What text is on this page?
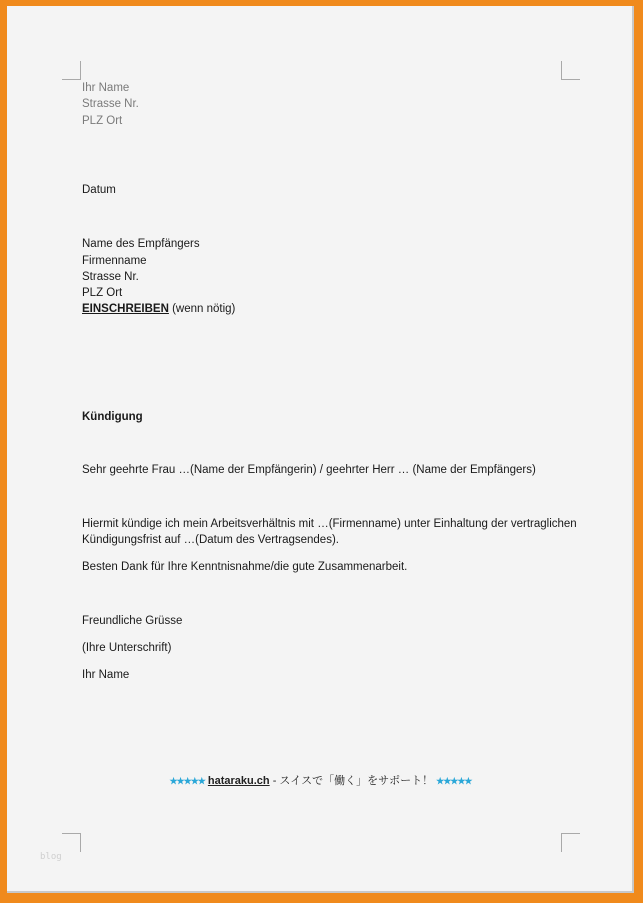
Ihr Name
Strasse Nr.
PLZ Ort
Datum
Name des Empfängers
Firmenname
Strasse Nr.
PLZ Ort
EINSCHREIBEN (wenn nötig)
Kündigung
Sehr geehrte Frau …(Name der Empfängerin) / geehrter Herr … (Name der Empfängers)
Hiermit kündige ich mein Arbeitsverhältnis mit …(Firmenname) unter Einhaltung der vertraglichen
Kündigungsfrist auf …(Datum des Vertragsendes).
Besten Dank für Ihre Kenntnisnahme/die gute Zusammenarbeit.
Freundliche Grüsse
(Ihre Unterschrift)
Ihr Name
★★★★★ hataraku.ch - スイスで「働く」をサポート！ ★★★★★
blog
